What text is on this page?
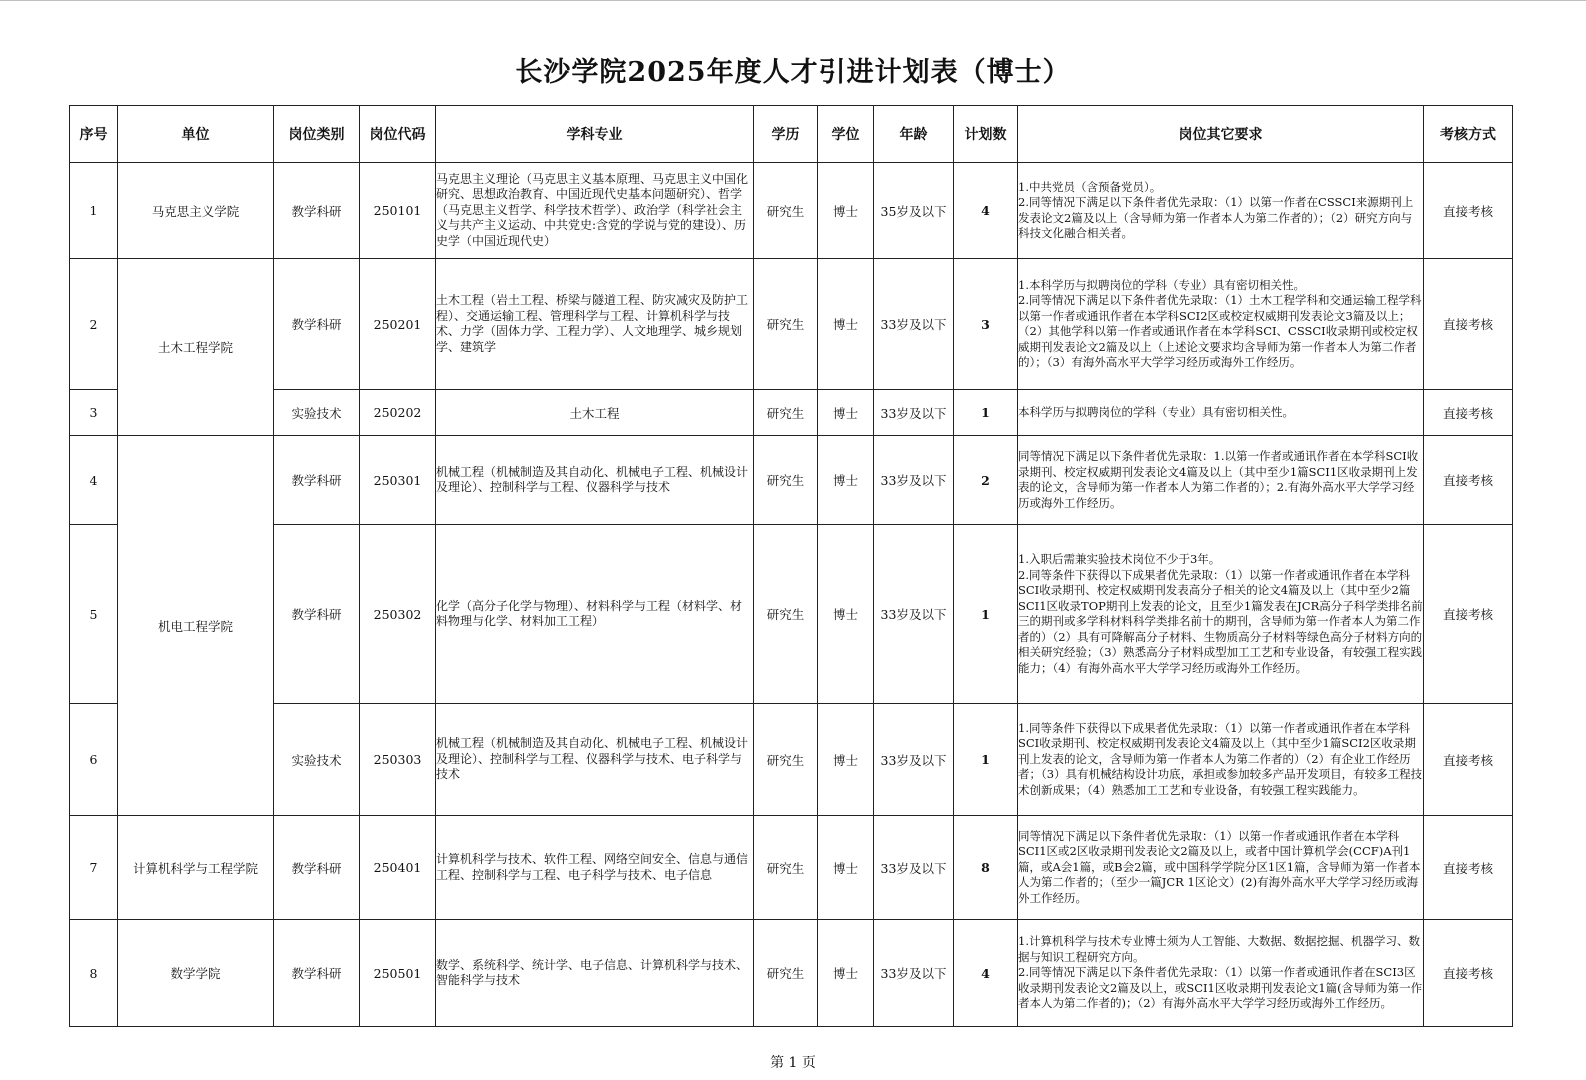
长沙学院2025年度人才引进计划表（博士）
序号	单位	岗位类别	岗位代码	学科专业	学历	学位	年龄	计划数	岗位其它要求	考核方式
1	马克思主义学院	教学科研	250101	马克思主义理论（马克思主义基本原理、马克思主义中国化研究、思想政治教育、中国近现代史基本问题研究）、哲学（马克思主义哲学、科学技术哲学）、政治学（科学社会主义与共产主义运动、中共党史:含党的学说与党的建设）、历史学（中国近现代史）	研究生	博士	35岁及以下	4	1.中共党员（含预备党员）。
2.同等情况下满足以下条件者优先录取：（1）以第一作者在CSSCI来源期刊上发表论文2篇及以上（含导师为第一作者本人为第二作者的）；（2）研究方向与科技文化融合相关者。	直接考核
2	土木工程学院	教学科研	250201	土木工程（岩土工程、桥梁与隧道工程、防灾减灾及防护工程）、交通运输工程、管理科学与工程、计算机科学与技术、力学（固体力学、工程力学）、人文地理学、城乡规划学、建筑学	研究生	博士	33岁及以下	3	1.本科学历与拟聘岗位的学科（专业）具有密切相关性。
2.同等情况下满足以下条件者优先录取：（1）土木工程学科和交通运输工程学科以第一作者或通讯作者在本学科SCI2区或校定权威期刊发表论文3篇及以上；（2）其他学科以第一作者或通讯作者在本学科SCI、CSSCI收录期刊或校定权威期刊发表论文2篇及以上（上述论文要求均含导师为第一作者本人为第二作者的）；（3）有海外高水平大学学习经历或海外工作经历。	直接考核
3		实验技术	250202	土木工程	研究生	博士	33岁及以下	1	本科学历与拟聘岗位的学科（专业）具有密切相关性。	直接考核
4	机电工程学院	教学科研	250301	机械工程（机械制造及其自动化、机械电子工程、机械设计及理论）、控制科学与工程、仪器科学与技术	研究生	博士	33岁及以下	2	同等情况下满足以下条件者优先录取：1.以第一作者或通讯作者在本学科SCI收录期刊、校定权威期刊发表论文4篇及以上（其中至少1篇SCI1区收录期刊上发表的论文，含导师为第一作者本人为第二作者的）；2.有海外高水平大学学习经历或海外工作经历。	直接考核
5		教学科研	250302	化学（高分子化学与物理）、材料科学与工程（材料学、材料物理与化学、材料加工工程）	研究生	博士	33岁及以下	1	1.入职后需兼实验技术岗位不少于3年。
2.同等条件下获得以下成果者优先录取：（1）以第一作者或通讯作者在本学科SCI收录期刊、校定权威期刊发表高分子相关的论文4篇及以上（其中至少2篇SCI1区收录TOP期刊上发表的论文，且至少1篇发表在JCR高分子科学类排名前三的期刊或多学科材料科学类排名前十的期刊，含导师为第一作者本人为第二作者的）（2）具有可降解高分子材料、生物质高分子材料等绿色高分子材料方向的相关研究经验；（3）熟悉高分子材料成型加工工艺和专业设备，有较强工程实践能力；（4）有海外高水平大学学习经历或海外工作经历。	直接考核
6		实验技术	250303	机械工程（机械制造及其自动化、机械电子工程、机械设计及理论）、控制科学与工程、仪器科学与技术、电子科学与技术	研究生	博士	33岁及以下	1	1.同等条件下获得以下成果者优先录取：（1）以第一作者或通讯作者在本学科SCI收录期刊、校定权威期刊发表论文4篇及以上（其中至少1篇SCI2区收录期刊上发表的论文，含导师为第一作者本人为第二作者的）（2）有企业工作经历者；（3）具有机械结构设计功底，承担或参加较多产品开发项目，有较多工程技术创新成果；（4）熟悉加工工艺和专业设备，有较强工程实践能力。	直接考核
7	计算机科学与工程学院	教学科研	250401	计算机科学与技术、软件工程、网络空间安全、信息与通信工程、控制科学与工程、电子科学与技术、电子信息	研究生	博士	33岁及以下	8	同等情况下满足以下条件者优先录取：（1）以第一作者或通讯作者在本学科SCI1区或2区收录期刊发表论文2篇及以上，或者中国计算机学会(CCF)A刊1篇，或A会1篇，或B会2篇，或中国科学学院分区1区1篇，含导师为第一作者本人为第二作者的；（至少一篇JCR 1区论文）(2)有海外高水平大学学习经历或海外工作经历。	直接考核
8	数学学院	教学科研	250501	数学、系统科学、统计学、电子信息、计算机科学与技术、智能科学与技术	研究生	博士	33岁及以下	4	1.计算机科学与技术专业博士须为人工智能、大数据、数据挖掘、机器学习、数据与知识工程研究方向。
2.同等情况下满足以下条件者优先录取：（1）以第一作者或通讯作者在SCI3区收录期刊发表论文2篇及以上，或SCI1区收录期刊发表论文1篇(含导师为第一作者本人为第二作者的)；（2）有海外高水平大学学习经历或海外工作经历。	直接考核
第 1 页
